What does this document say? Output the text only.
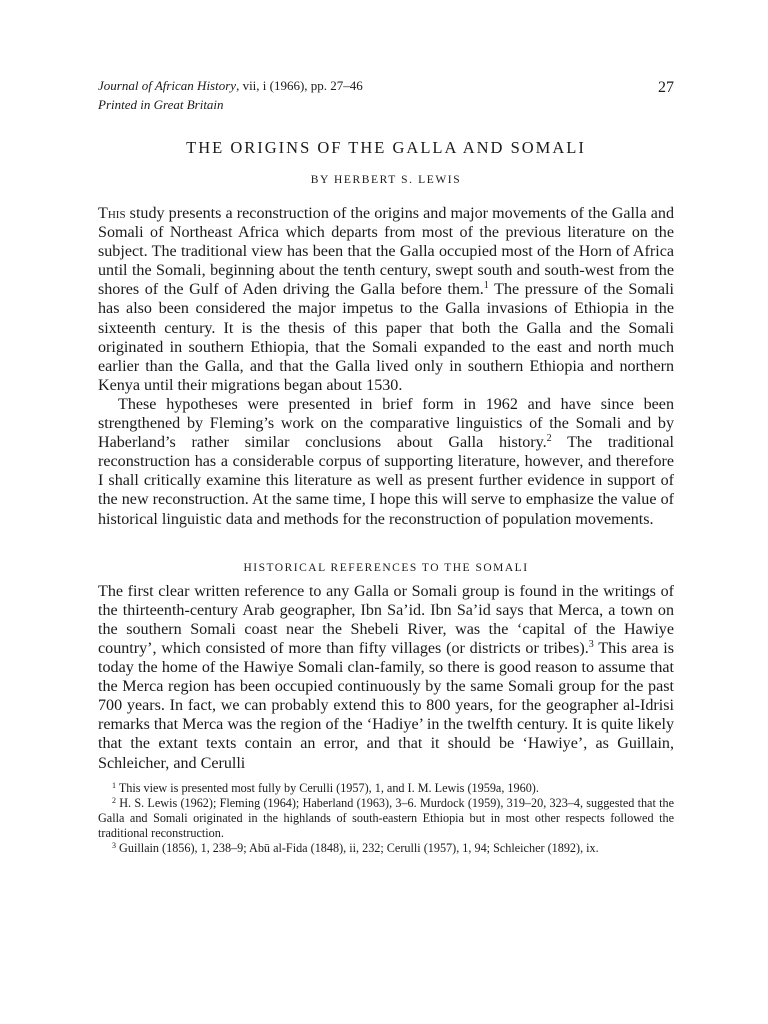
Journal of African History, vii, i (1966), pp. 27–46
Printed in Great Britain
27
THE ORIGINS OF THE GALLA AND SOMALI
BY HERBERT S. LEWIS

This study presents a reconstruction of the origins and major movements of the Galla and Somali of Northeast Africa which departs from most of the previous literature on the subject. The traditional view has been that the Galla occupied most of the Horn of Africa until the Somali, beginning about the tenth century, swept south and south-west from the shores of the Gulf of Aden driving the Galla before them.$^1$ The pressure of the Somali has also been considered the major impetus to the Galla invasions of Ethiopia in the sixteenth century. It is the thesis of this paper that both the Galla and the Somali originated in southern Ethiopia, that the Somali expanded to the east and north much earlier than the Galla, and that the Galla lived only in southern Ethiopia and northern Kenya until their migrations began about 1530.

These hypotheses were presented in brief form in 1962 and have since been strengthened by Fleming’s work on the comparative linguistics of the Somali and by Haberland’s rather similar conclusions about Galla history.$^2$ The traditional reconstruction has a considerable corpus of supporting literature, however, and therefore I shall critically examine this literature as well as present further evidence in support of the new reconstruction. At the same time, I hope this will serve to emphasize the value of historical linguistic data and methods for the reconstruction of population movements.

HISTORICAL REFERENCES TO THE SOMALI

The first clear written reference to any Galla or Somali group is found in the writings of the thirteenth-century Arab geographer, Ibn Sa’id. Ibn Sa’id says that Merca, a town on the southern Somali coast near the Shebeli River, was the ‘capital of the Hawiye country’, which consisted of more than fifty villages (or districts or tribes).$^3$ This area is today the home of the Hawiye Somali clan-family, so there is good reason to assume that the Merca region has been occupied continuously by the same Somali group for the past 700 years. In fact, we can probably extend this to 800 years, for the geographer al-Idrisi remarks that Merca was the region of the ‘Hadiye’ in the twelfth century. It is quite likely that the extant texts contain an error, and that it should be ‘Hawiye’, as Guillain, Schleicher, and Cerulli

$^1$ This view is presented most fully by Cerulli (1957), 1, and I. M. Lewis (1959a, 1960).

$^2$ H. S. Lewis (1962); Fleming (1964); Haberland (1963), 3–6. Murdock (1959), 319–20, 323–4, suggested that the Galla and Somali originated in the highlands of south-eastern Ethiopia but in most other respects followed the traditional reconstruction.

$^3$ Guillain (1856), 1, 238–9; Abū al-Fida (1848), ii, 232; Cerulli (1957), 1, 94; Schleicher (1892), ix.
